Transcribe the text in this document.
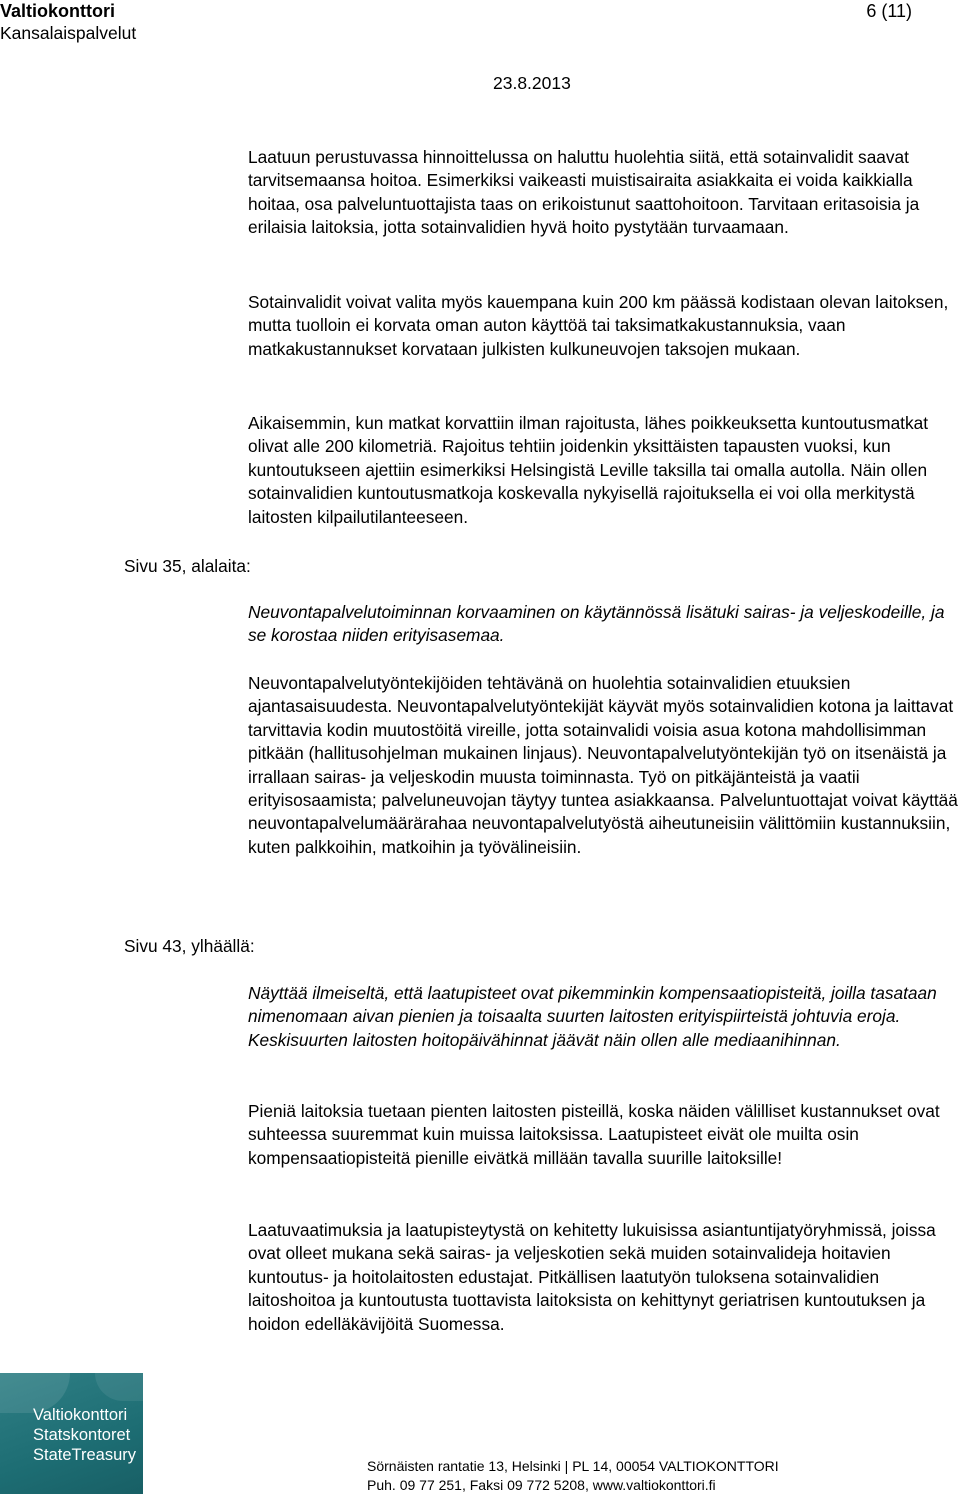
Valtiokonttori
Kansalaispalvelut
6 (11)
23.8.2013

Laatuun perustuvassa hinnoittelussa on haluttu huolehtia siitä, että sotainvalidit saavat tarvitsemaansa hoitoa. Esimerkiksi vaikeasti muistisairaita asiakkaita ei voida kaikkialla hoitaa, osa palveluntuottajista taas on erikoistunut saattohoitoon. Tarvitaan eritasoisia ja erilaisia laitoksia, jotta sotainvalidien hyvä hoito pystytään turvaamaan.

Sotainvalidit voivat valita myös kauempana kuin 200 km päässä kodistaan olevan laitoksen, mutta tuolloin ei korvata oman auton käyttöä tai taksimatkakustannuksia, vaan matkakustannukset korvataan julkisten kulkuneuvojen taksojen mukaan.

Aikaisemmin, kun matkat korvattiin ilman rajoitusta, lähes poikkeuksetta kuntoutusmatkat olivat alle 200 kilometriä. Rajoitus tehtiin joidenkin yksittäisten tapausten vuoksi, kun kuntoutukseen ajettiin esimerkiksi Helsingistä Leville taksilla tai omalla autolla. Näin ollen sotainvalidien kuntoutusmatkoja koskevalla nykyisellä rajoituksella ei voi olla merkitystä laitosten kilpailutilanteeseen.

Sivu 35, alalaita:

Neuvontapalvelutoiminnan korvaaminen on käytännössä lisätuki sairas- ja veljeskodeille, ja se korostaa niiden erityisasemaa.

Neuvontapalvelutyöntekijöiden tehtävänä on huolehtia sotainvalidien etuuksien ajantasaisuudesta. Neuvontapalvelutyöntekijät käyvät myös sotainvalidien kotona ja laittavat tarvittavia kodin muutostöitä vireille, jotta sotainvalidi voisia asua kotona mahdollisimman pitkään (hallitusohjelman mukainen linjaus). Neuvontapalvelutyöntekijän työ on itsenäistä ja irrallaan sairas- ja veljeskodin muusta toiminnasta. Työ on pitkäjänteistä ja vaatii erityisosaamista; palveluneuvojan täytyy tuntea asiakkaansa. Palveluntuottajat voivat käyttää neuvontapalvelumäärärahaa neuvontapalvelutyöstä aiheutuneisiin välittömiin kustannuksiin, kuten palkkoihin, matkoihin ja työvälineisiin.

Sivu 43, ylhäällä:

Näyttää ilmeiseltä, että laatupisteet ovat pikemminkin kompensaatiopisteitä, joilla tasataan nimenomaan aivan pienien ja toisaalta suurten laitosten erityispiirteistä johtuvia eroja. Keskisuurten laitosten hoitopäivähinnat jäävät näin ollen alle mediaanihinnan.

Pieniä laitoksia tuetaan pienten laitosten pisteillä, koska näiden välilliset kustannukset ovat suhteessa suuremmat kuin muissa laitoksissa. Laatupisteet eivät ole muilta osin kompensaatiopisteitä pienille eivätkä millään tavalla suurille laitoksille!

Laatuvaatimuksia ja laatupisteytystä on kehitetty lukuisissa asiantuntijatyöryhmissä, joissa ovat olleet mukana sekä sairas- ja veljeskotien sekä muiden sotainvalideja hoitavien kuntoutus- ja hoitolaitosten edustajat. Pitkällisen laatutyön tuloksena sotainvalidien laitoshoitoa ja kuntoutusta tuottavista laitoksista on kehittynyt geriatrisen kuntoutuksen ja hoidon edelläkävijöitä Suomessa.

Valtiokonttori
Statskontoret
StateTreasury
Sörnäisten rantatie 13, Helsinki | PL 14, 00054 VALTIOKONTTORI
Puh. 09 77 251, Faksi 09 772 5208, www.valtiokonttori.fi
